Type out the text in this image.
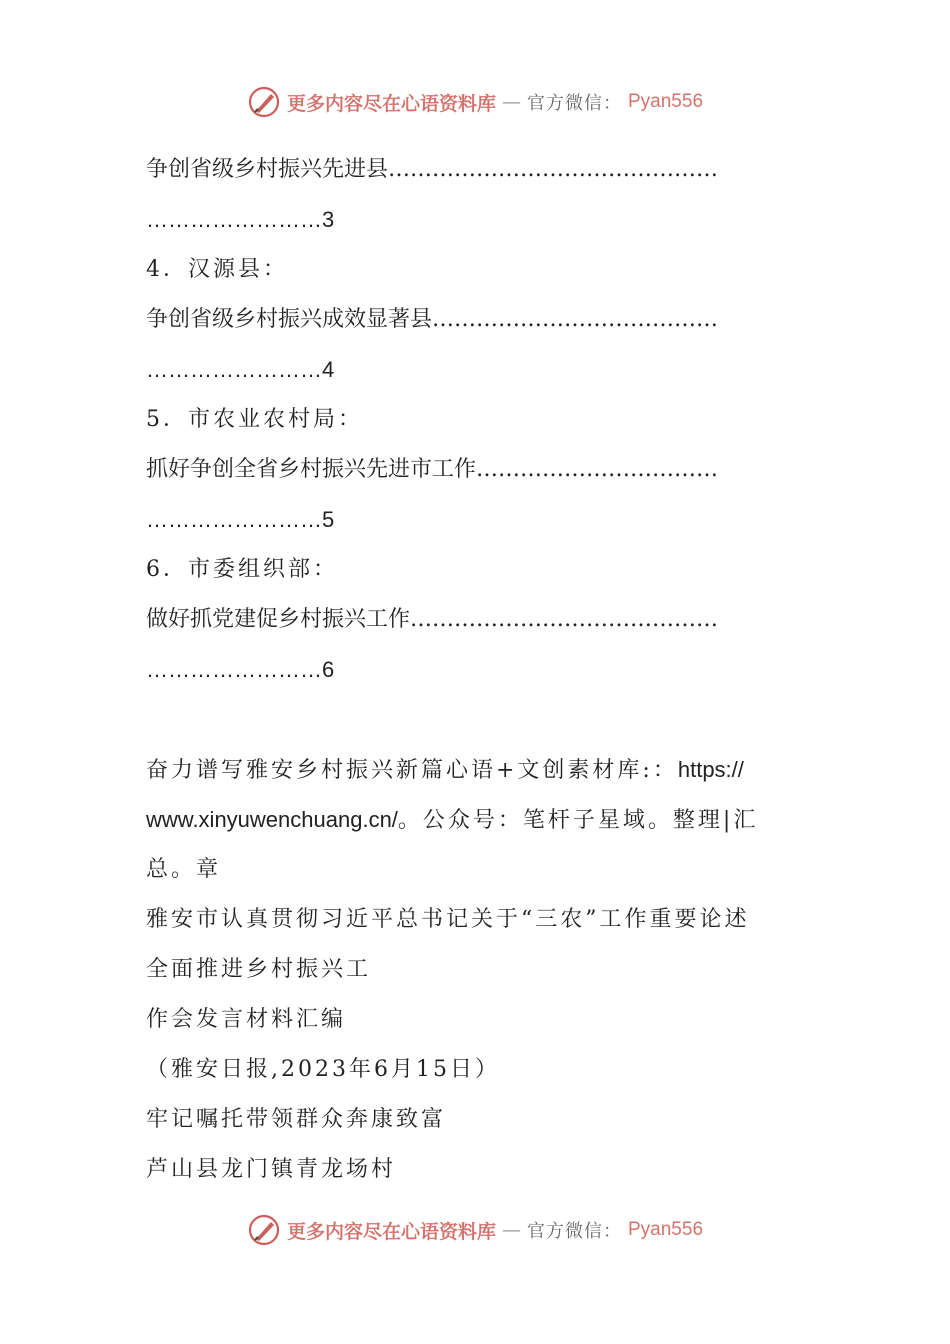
更多内容尽在心语资料库 — 官方微信： Pyan556
争创省级乡村振兴先进县………………………………………
……………………3
4．汉源县：
争创省级乡村振兴成效显著县…………………………………
……………………4
5．市农业农村局：
抓好争创全省乡村振兴先进市工作……………………………
……………………5
6．市委组织部：
做好抓党建促乡村振兴工作……………………………………
……………………6
奋力谱写雅安乡村振兴新篇心语+文创素材库:：https://
www.xinyuwenchuang.cn/。公众号：笔杆子星域。整理|汇
总。章
雅安市认真贯彻习近平总书记关于“三农”工作重要论述
全面推进乡村振兴工
作会发言材料汇编
（雅安日报,2023年6月15日）
牢记嘱托带领群众奔康致富
芦山县龙门镇青龙场村
更多内容尽在心语资料库 — 官方微信： Pyan556
